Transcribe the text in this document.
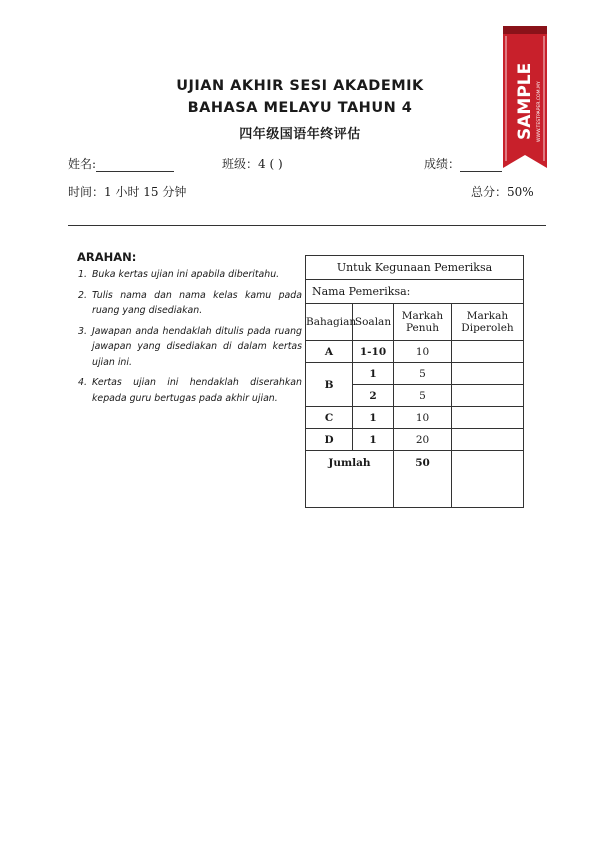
UJIAN AKHIR SESI AKADEMIK
BAHASA MELAYU TAHUN 4
四年级国语年终评估
姓名:	班级：4 ( )	成绩：
时间：1 小时 15 分钟	总分：50%
ARAHAN:
1. Buka kertas ujian ini apabila diberitahu.
2. Tulis nama dan nama kelas kamu pada ruang yang disediakan.
3. Jawapan anda hendaklah ditulis pada ruang jawapan yang disediakan di dalam kertas ujian ini.
4. Kertas ujian ini hendaklah diserahkan kepada guru bertugas pada akhir ujian.
Untuk Kegunaan Pemeriksa			
Nama Pemeriksa:			
Bahagian	Soalan	Markah Penuh	Markah Diperoleh
A	1-10	10	
B	1	5	
	2	5	
C	1	10	
D	1	20	
Jumlah		50	
SAMPLE WWW.TESTPAPER.COM.MY
